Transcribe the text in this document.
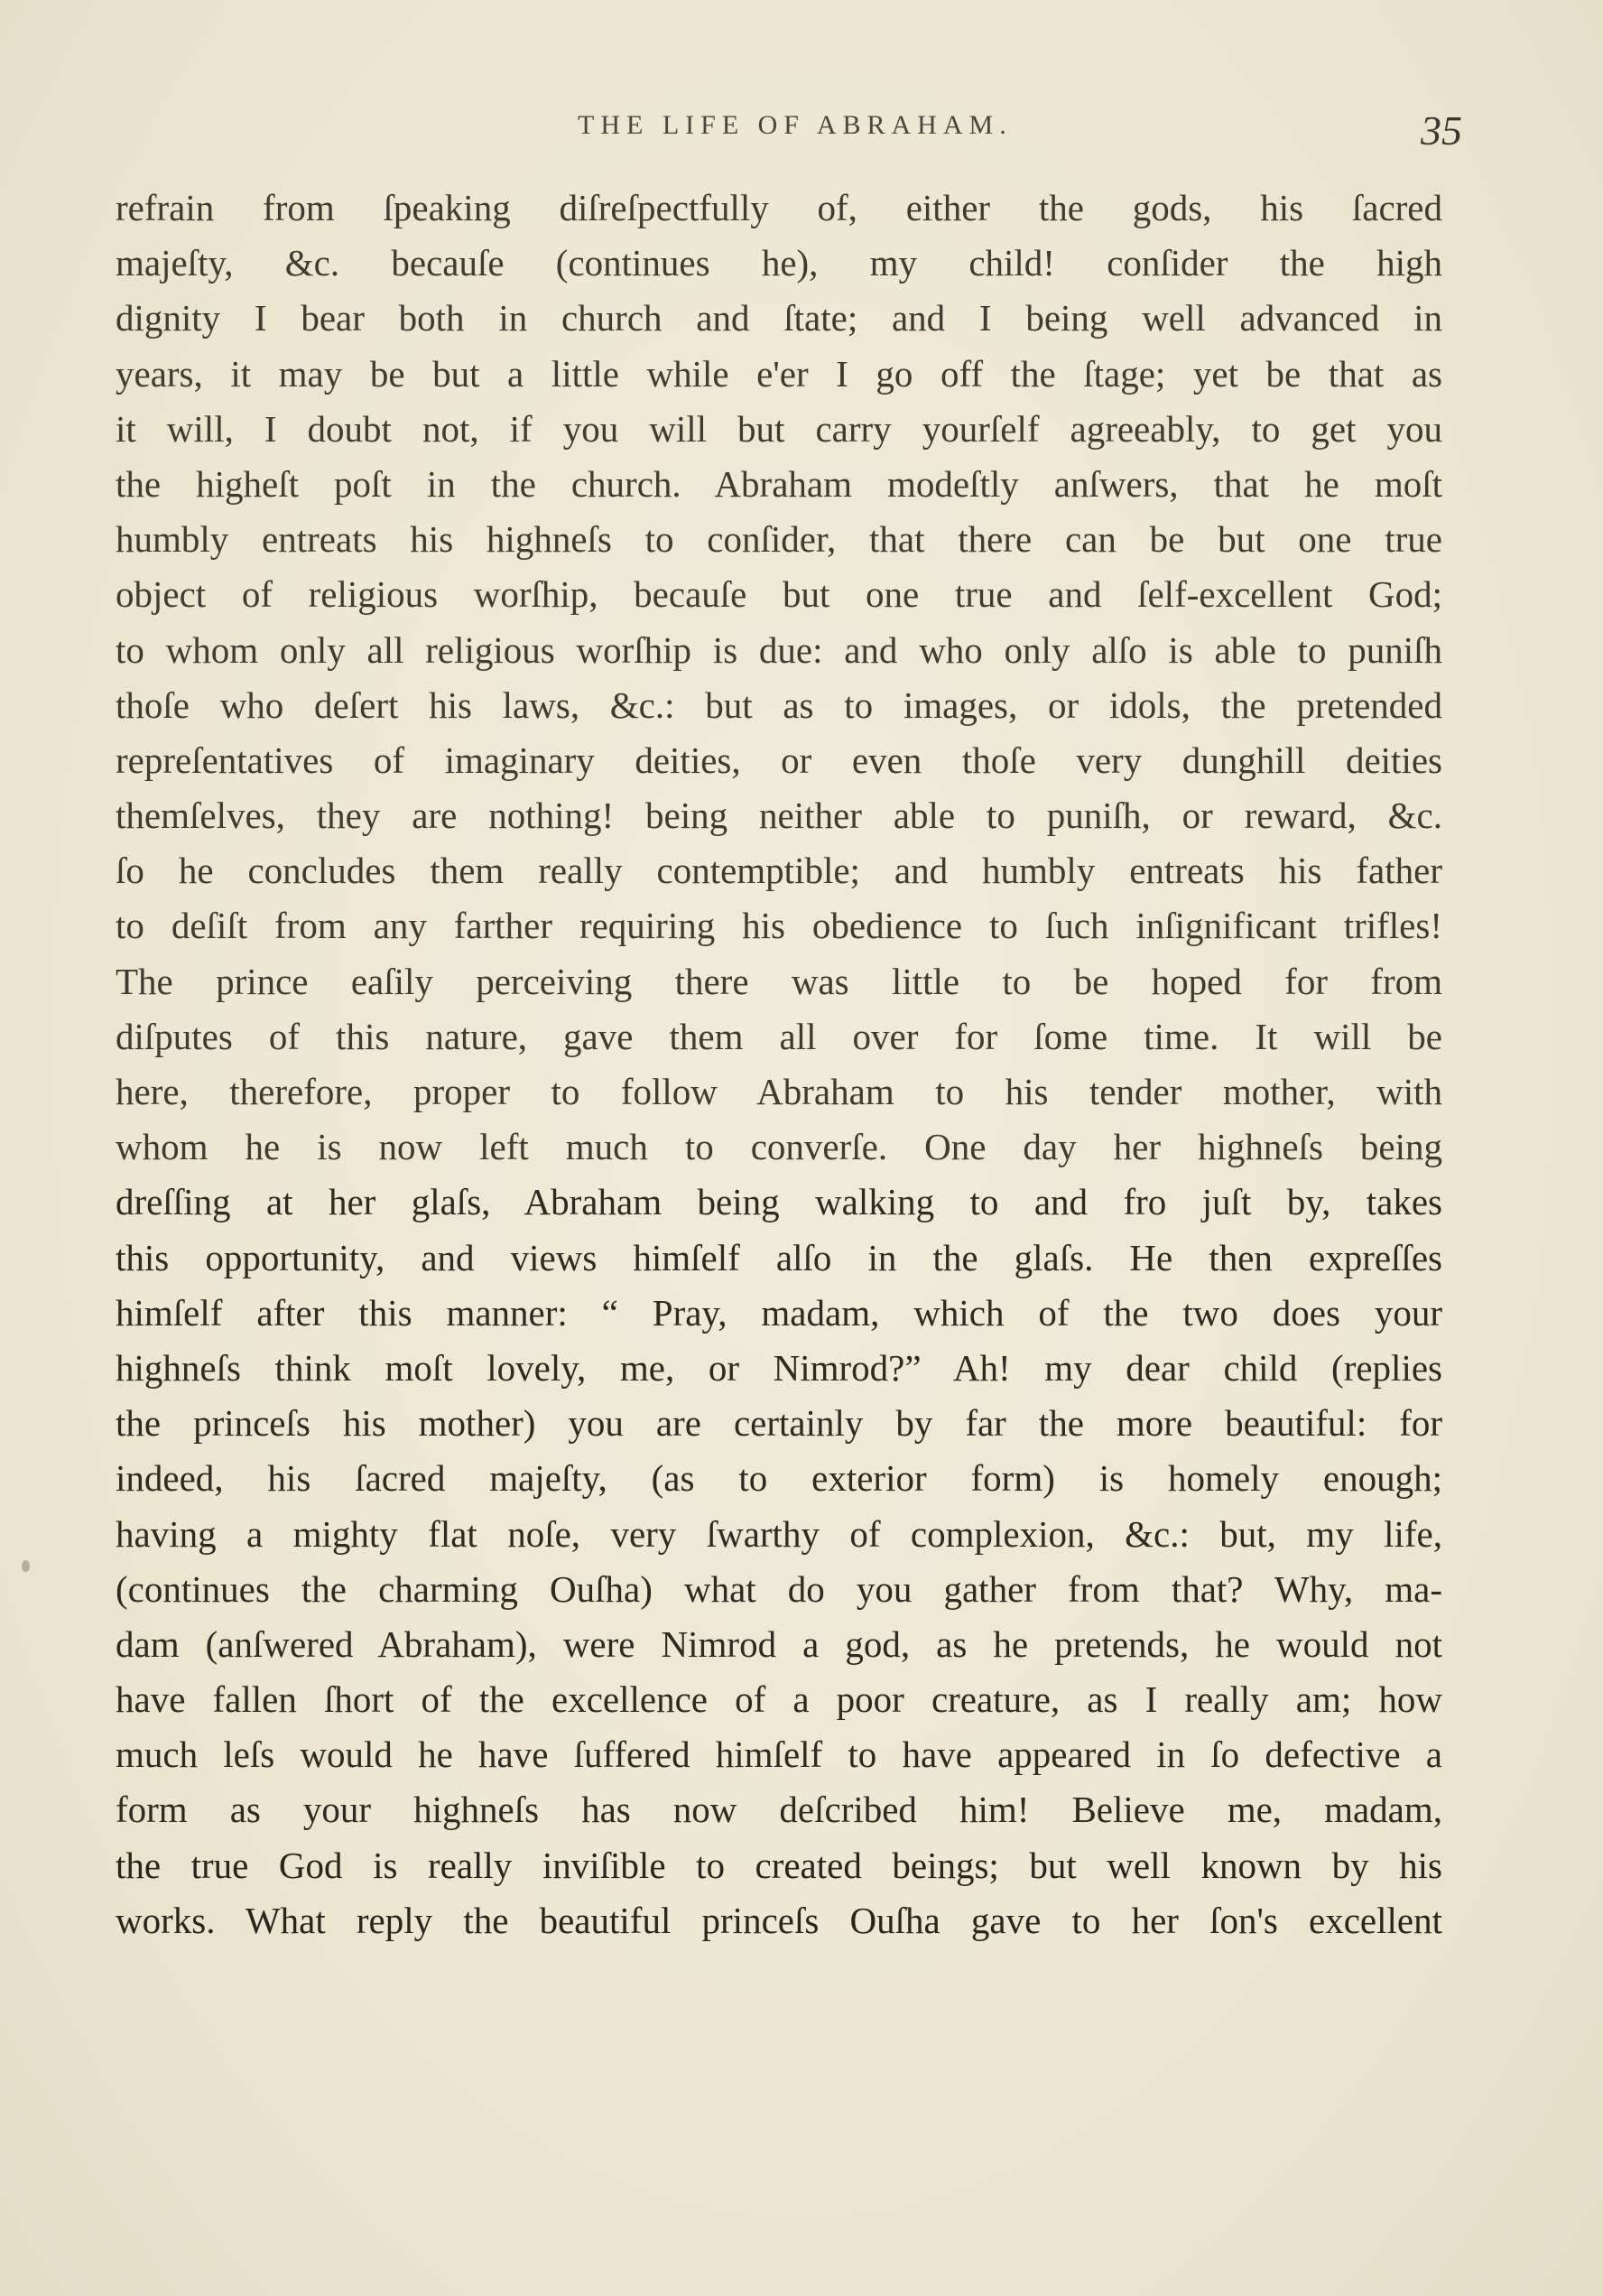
THE LIFE OF ABRAHAM.	35
refrain from ſpeaking diſreſpectfully of, either the gods, his ſacred
majeſty, &c. becauſe (continues he), my child! conſider the high
dignity I bear both in church and ſtate; and I being well advanced in
years, it may be but a little while e'er I go off the ſtage; yet be that as
it will, I doubt not, if you will but carry yourſelf agreeably, to get you
the higheſt poſt in the church. Abraham modeſtly anſwers, that he moſt
humbly entreats his highneſs to conſider, that there can be but one true
object of religious worſhip, becauſe but one true and ſelf-excellent God;
to whom only all religious worſhip is due: and who only alſo is able to puniſh
thoſe who deſert his laws, &c.: but as to images, or idols, the pretended
repreſentatives of imaginary deities, or even thoſe very dunghill deities
themſelves, they are nothing! being neither able to puniſh, or reward, &c.
ſo he concludes them really contemptible; and humbly entreats his father
to deſiſt from any farther requiring his obedience to ſuch inſignificant trifles!
The prince eaſily perceiving there was little to be hoped for from
diſputes of this nature, gave them all over for ſome time. It will be
here, therefore, proper to follow Abraham to his tender mother, with
whom he is now left much to converſe. One day her highneſs being
dreſſing at her glaſs, Abraham being walking to and fro juſt by, takes
this opportunity, and views himſelf alſo in the glaſs. He then expreſſes
himſelf after this manner: “ Pray, madam, which of the two does your
highneſs think moſt lovely, me, or Nimrod?” Ah! my dear child (replies
the princeſs his mother) you are certainly by far the more beautiful: for
indeed, his ſacred majeſty, (as to exterior form) is homely enough;
having a mighty flat noſe, very ſwarthy of complexion, &c.: but, my life,
(continues the charming Ouſha) what do you gather from that? Why, ma-
dam (anſwered Abraham), were Nimrod a god, as he pretends, he would not
have fallen ſhort of the excellence of a poor creature, as I really am; how
much leſs would he have ſuffered himſelf to have appeared in ſo defective a
form as your highneſs has now deſcribed him! Believe me, madam,
the true God is really inviſible to created beings; but well known by his
works. What reply the beautiful princeſs Ouſha gave to her ſon's excellent
